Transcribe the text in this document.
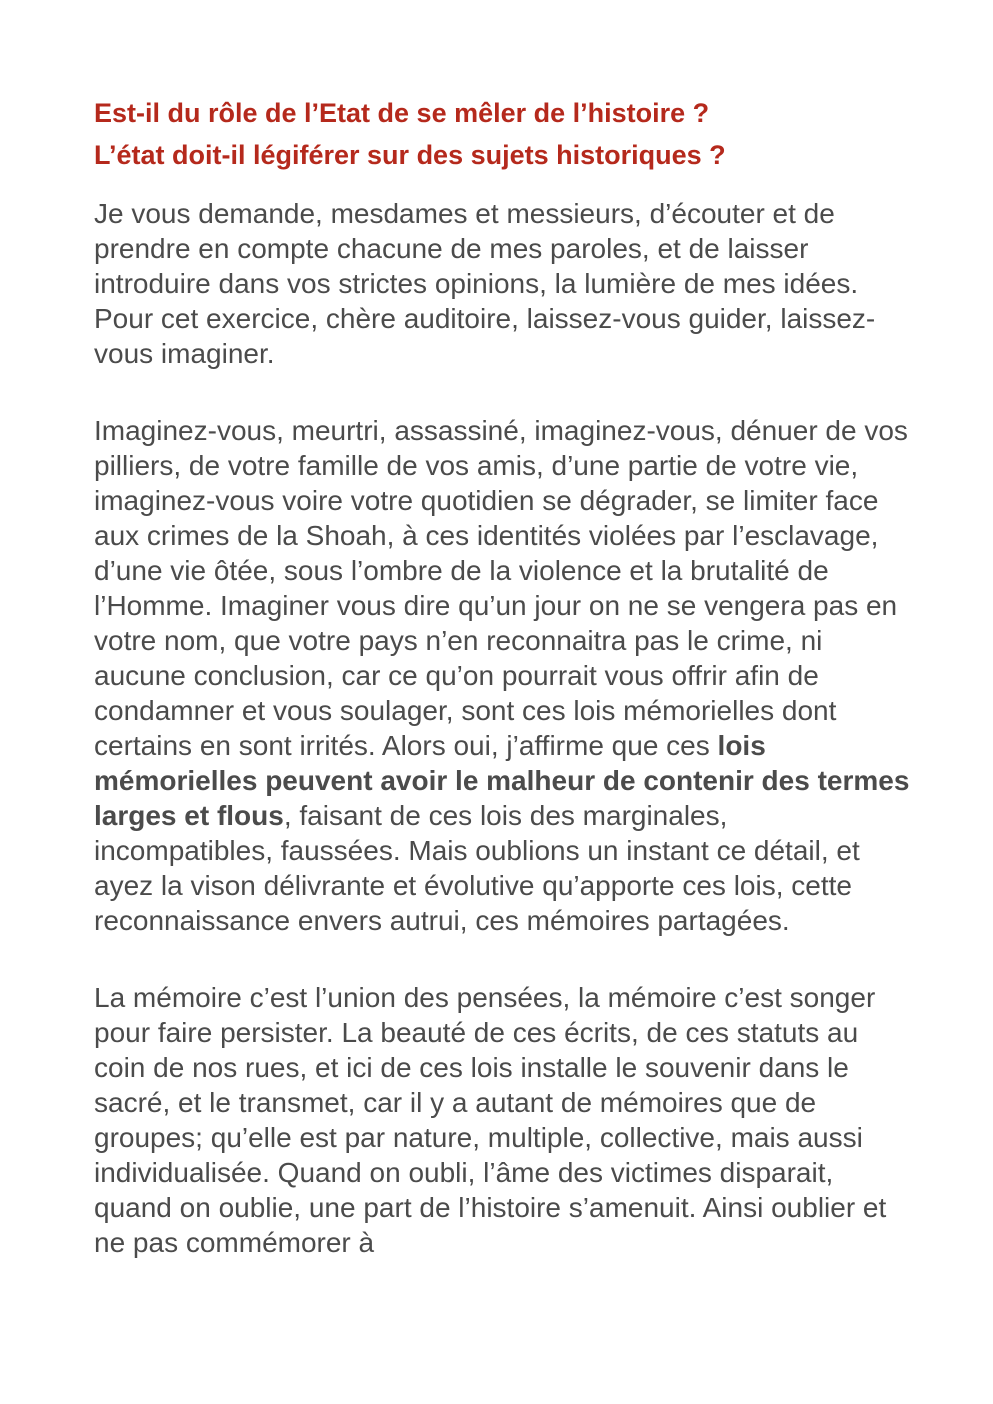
Est-il du rôle de l’Etat de se mêler de l’histoire ?
L’état doit-il légiférer sur des sujets historiques ?

Je vous demande, mesdames et messieurs, d’écouter et de prendre en compte chacune de mes paroles, et de laisser introduire dans vos strictes opinions, la lumière de mes idées. Pour cet exercice, chère auditoire, laissez-vous guider, laissez-vous imaginer.

Imaginez-vous, meurtri, assassiné, imaginez-vous, dénuer de vos pilliers, de votre famille de vos amis, d’une partie de votre vie, imaginez-vous voire votre quotidien se dégrader, se limiter face aux crimes de la Shoah, à ces identités violées par l’esclavage, d’une vie ôtée, sous l’ombre de la violence et la brutalité de l’Homme. Imaginer vous dire qu’un jour on ne se vengera pas en votre nom, que votre pays n’en reconnaitra pas le crime, ni aucune conclusion, car ce qu’on pourrait vous offrir afin de condamner et vous soulager, sont ces lois mémorielles dont certains en sont irrités. Alors oui, j’affirme que ces lois mémorielles peuvent avoir le malheur de contenir des termes larges et flous, faisant de ces lois des marginales, incompatibles, faussées. Mais oublions un instant ce détail, et ayez la vison délivrante et évolutive qu’apporte ces lois, cette reconnaissance envers autrui, ces mémoires partagées.

La mémoire c’est l’union des pensées, la mémoire c’est songer pour faire persister. La beauté de ces écrits, de ces statuts au coin de nos rues, et ici de ces lois installe le souvenir dans le sacré, et le transmet, car il y a autant de mémoires que de groupes; qu’elle est par nature, multiple, collective, mais aussi individualisée. Quand on oubli, l’âme des victimes disparait, quand on oublie, une part de l’histoire s’amenuit. Ainsi oublier et ne pas commémorer à
